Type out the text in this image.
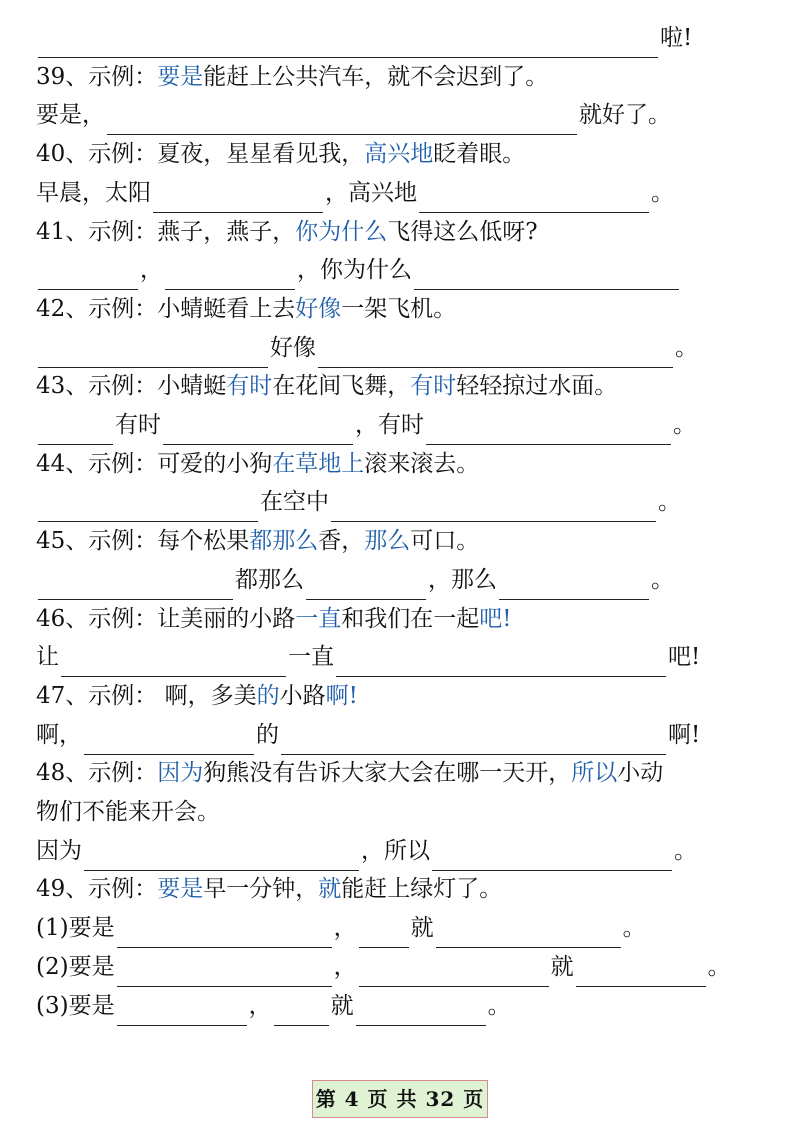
啦!
39、示例： 要是 能赶上公共汽车，就不会迟到了。
要是，	就好了。
40、示例：夏夜，星星看见我， 高兴地 眨着眼。
早晨，太阳	，高兴地	。
41、示例：燕子，燕子， 你为什么 飞得这么低呀?
，	，你为什么
42、示例：小蜻蜓看上去 好像 一架飞机。
好像	。
43、示例：小蜻蜓 有时 在花间飞舞， 有时 轻轻掠过水面。
有时	，有时	。
44、示例：可爱的小狗 在草地上 滚来滚去。
在空中	。
45、示例：每个松果 都那么 香， 那么 可口。
都那么	，那么	。
46、示例：让美丽的小路 一直 和我们在一起 吧!
让	一直	吧!
47、示例： 啊，多美 的 小路 啊!
啊，	的	啊!
48、示例： 因为 狗熊没有告诉大家大会在哪一天开， 所以 小动
物们不能来开会。
因为	，所以	。
49、示例： 要是 早一分钟， 就 能赶上绿灯了。
(1)要是	， 就	。
(2)要是	，	就	。
(3)要是	，	就	。
第 4 页 共 32 页
